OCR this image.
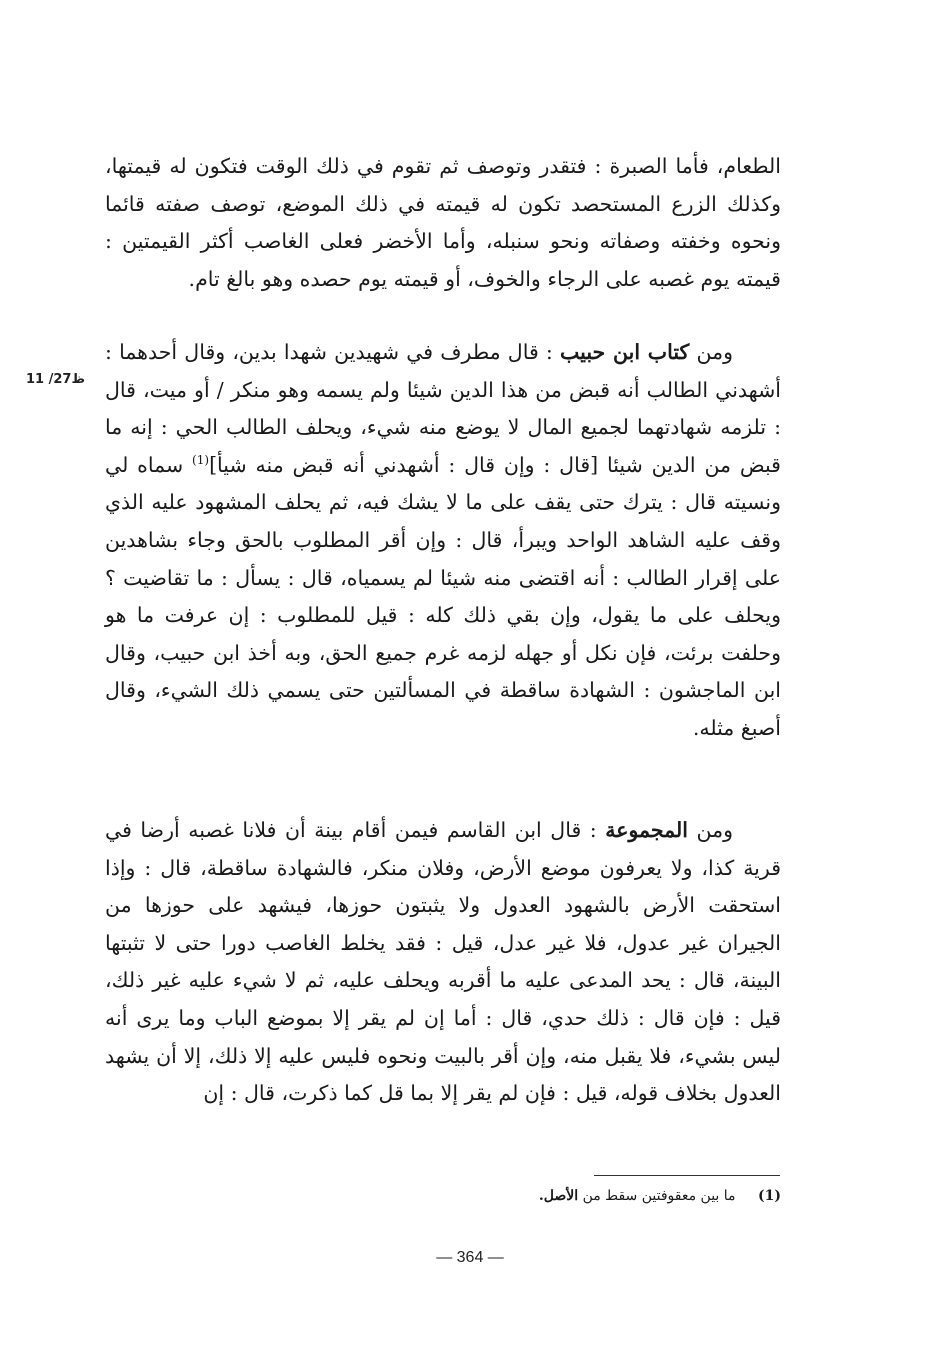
الطعام، فأما الصبرة : فتقدر وتوصف ثم تقوم في ذلك الوقت فتكون له قيمتها، وكذلك الزرع المستحصد تكون له قيمته في ذلك الموضع، توصف صفته قائما ونحوه وخفته وصفاته ونحو سنبله، وأما الأخضر فعلى الغاصب أكثر القيمتين : قيمته يوم غصبه على الرجاء والخوف، أو قيمته يوم حصده وهو بالغ تام.

ومن كتاب ابن حبيب : قال مطرف في شهيدين شهدا بدين، وقال أحدهما : أشهدني الطالب أنه قبض من هذا الدين شيئا ولم يسمه وهو منكر / أو ميت، قال : تلزمه شهادتهما لجميع المال لا يوضع منه شيء، ويحلف الطالب الحي : إنه ما قبض من الدين شيئا [قال : وإن قال : أشهدني أنه قبض منه شيأ]$^{(1)}$ سماه لي ونسيته قال : يترك حتى يقف على ما لا يشك فيه، ثم يحلف المشهود عليه الذي وقف عليه الشاهد الواحد ويبرأ، قال : وإن أقر المطلوب بالحق وجاء بشاهدين على إقرار الطالب : أنه اقتضى منه شيئا لم يسمياه، قال : يسأل : ما تقاضيت ؟ ويحلف على ما يقول، وإن بقي ذلك كله : قيل للمطلوب : إن عرفت ما هو وحلفت برئت، فإن نكل أو جهله لزمه غرم جميع الحق، وبه أخذ ابن حبيب، وقال ابن الماجشون : الشهادة ساقطة في المسألتين حتى يسمي ذلك الشيء، وقال أصبغ مثله.

ومن المجموعة : قال ابن القاسم فيمن أقام بينة أن فلانا غصبه أرضا في قرية كذا، ولا يعرفون موضع الأرض، وفلان منكر، فالشهادة ساقطة، قال : وإذا استحقت الأرض بالشهود العدول ولا يثبتون حوزها، فيشهد على حوزها من الجيران غير عدول، فلا غير عدل، قيل : فقد يخلط الغاصب دورا حتى لا تثبتها البينة، قال : يحد المدعى عليه ما أقربه ويحلف عليه، ثم لا شيء عليه غير ذلك، قيل : فإن قال : ذلك حدي، قال : أما إن لم يقر إلا بموضع الباب وما يرى أنه ليس بشيء، فلا يقبل منه، وإن أقر بالبيت ونحوه فليس عليه إلا ذلك، إلا أن يشهد العدول بخلاف قوله، قيل : فإن لم يقر إلا بما قل كما ذكرت، قال : إن

11 /27ظ
(1) ما بين معقوفتين سقط من الأصل.
— 364 —
